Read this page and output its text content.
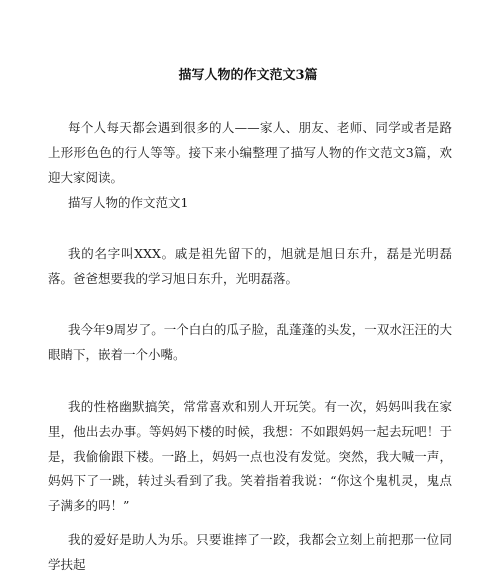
描写人物的作文范文3篇

每个人每天都会遇到很多的人——家人、朋友、老师、同学或者是路上形形色色的行人等等。接下来小编整理了描写人物的作文范文3篇，欢迎大家阅读。

描写人物的作文范文1

我的名字叫XXX。戚是祖先留下的，旭就是旭日东升，磊是光明磊落。爸爸想要我的学习旭日东升，光明磊落。

我今年9周岁了。一个白白的瓜子脸，乱蓬蓬的头发，一双水汪汪的大眼睛下，嵌着一个小嘴。

我的性格幽默搞笑，常常喜欢和别人开玩笑。有一次，妈妈叫我在家里，他出去办事。等妈妈下楼的时候，我想：不如跟妈妈一起去玩吧！于是，我偷偷跟下楼。一路上，妈妈一点也没有发觉。突然，我大喊一声，妈妈下了一跳，转过头看到了我。笑着指着我说：“你这个鬼机灵，鬼点子满多的吗！”

我的爱好是助人为乐。只要谁摔了一跤，我都会立刻上前把那一位同学扶起
